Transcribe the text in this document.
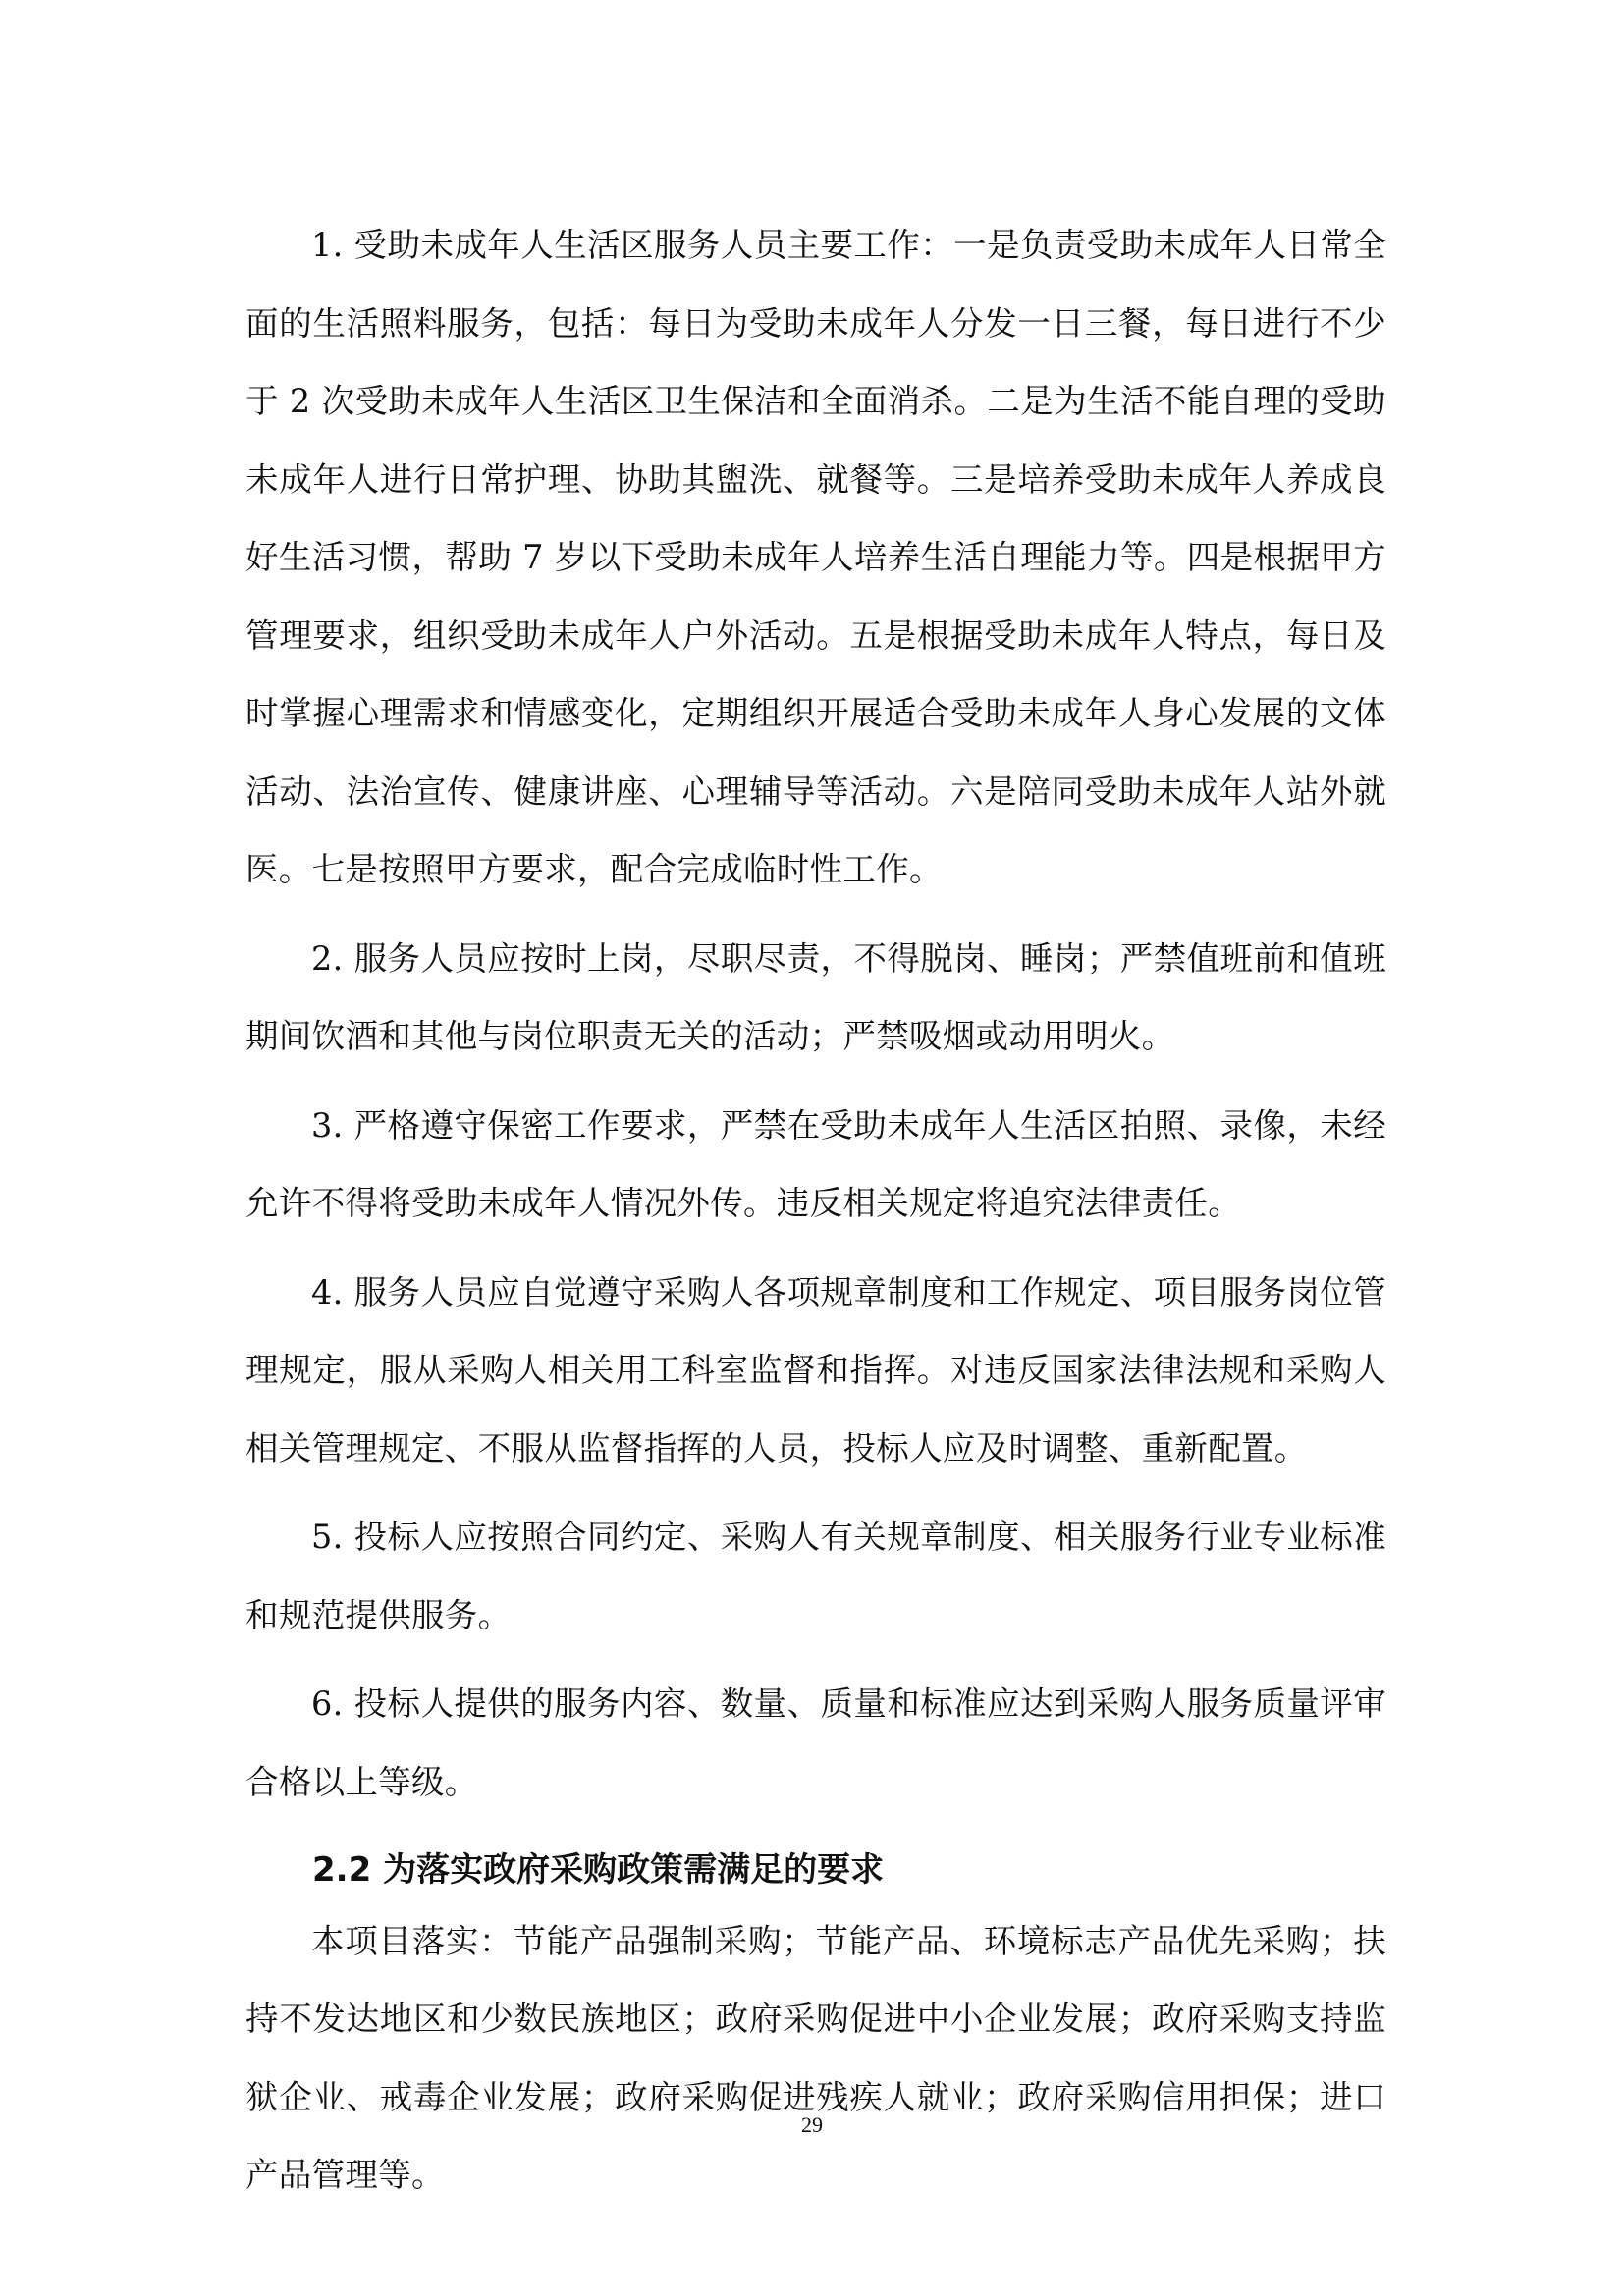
1. 受助未成年人生活区服务人员主要工作：一是负责受助未成年人日常全面的生活照料服务，包括：每日为受助未成年人分发一日三餐，每日进行不少于 2 次受助未成年人生活区卫生保洁和全面消杀。二是为生活不能自理的受助未成年人进行日常护理、协助其盥洗、就餐等。三是培养受助未成年人养成良好生活习惯，帮助 7 岁以下受助未成年人培养生活自理能力等。四是根据甲方管理要求，组织受助未成年人户外活动。五是根据受助未成年人特点，每日及时掌握心理需求和情感变化，定期组织开展适合受助未成年人身心发展的文体活动、法治宣传、健康讲座、心理辅导等活动。六是陪同受助未成年人站外就医。七是按照甲方要求，配合完成临时性工作。

2. 服务人员应按时上岗，尽职尽责，不得脱岗、睡岗；严禁值班前和值班期间饮酒和其他与岗位职责无关的活动；严禁吸烟或动用明火。

3. 严格遵守保密工作要求，严禁在受助未成年人生活区拍照、录像，未经允许不得将受助未成年人情况外传。违反相关规定将追究法律责任。

4. 服务人员应自觉遵守采购人各项规章制度和工作规定、项目服务岗位管理规定，服从采购人相关用工科室监督和指挥。对违反国家法律法规和采购人相关管理规定、不服从监督指挥的人员，投标人应及时调整、重新配置。

5. 投标人应按照合同约定、采购人有关规章制度、相关服务行业专业标准和规范提供服务。

6. 投标人提供的服务内容、数量、质量和标准应达到采购人服务质量评审合格以上等级。

2.2 为落实政府采购政策需满足的要求

本项目落实：节能产品强制采购；节能产品、环境标志产品优先采购；扶持不发达地区和少数民族地区；政府采购促进中小企业发展；政府采购支持监狱企业、戒毒企业发展；政府采购促进残疾人就业；政府采购信用担保；进口产品管理等。

29
